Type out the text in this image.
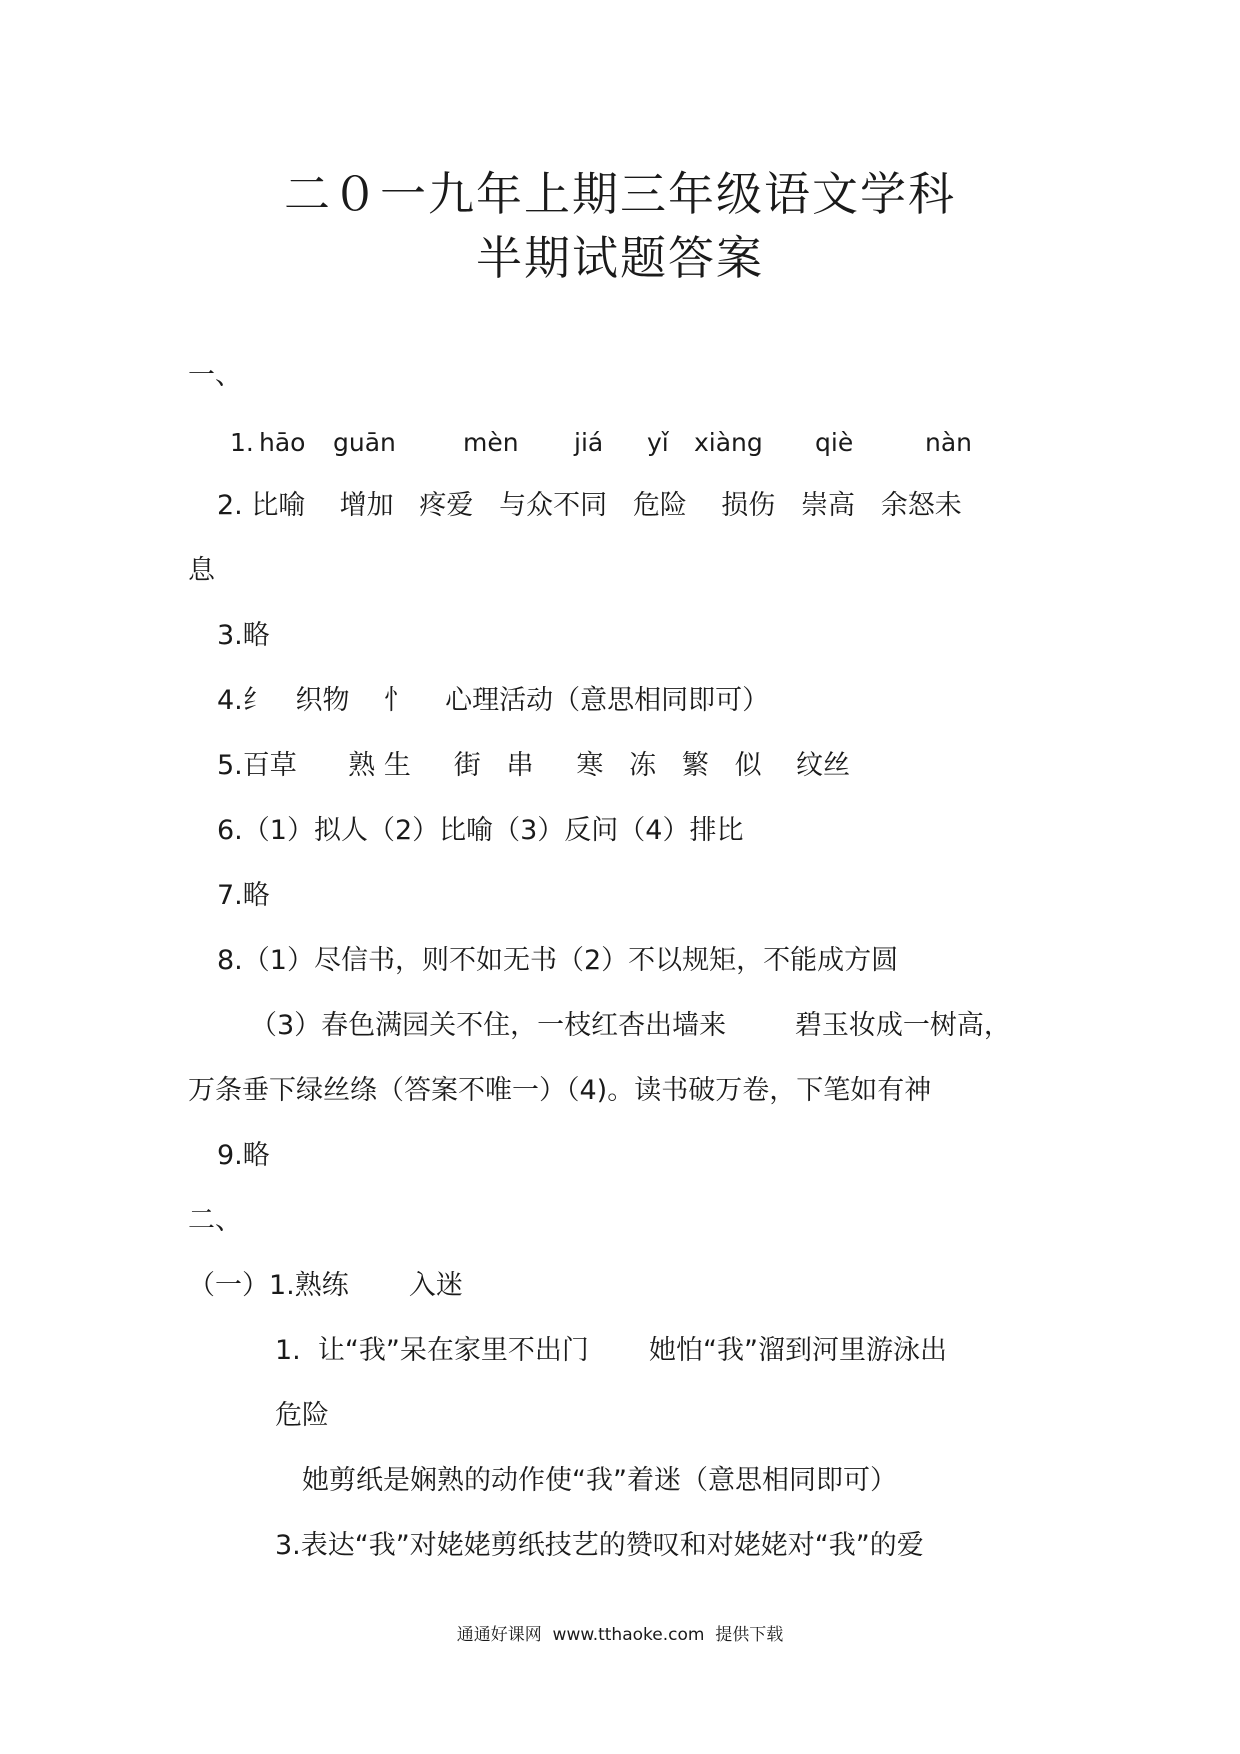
二０一九年上期三年级语文学科
半期试题答案
一、
1. hāo guān	mèn jiá yǐ xiàng qiè	nàn
2. 比喻    增加   疼爱   与众不同   危险    损伤   崇高   余怒未
息
3.略
4.纟   织物    忄    心理活动（意思相同即可）
5.百草      熟 生     街   串     寒   冻   繁   似    纹丝
6.（1）拟人（2）比喻（3）反问（4）排比
7.略
8.（1）尽信书，则不如无书（2）不以规矩，不能成方圆
（3）春色满园关不住，一枝红杏出墙来        碧玉妆成一树高，
万条垂下绿丝绦（答案不唯一）（4)。读书破万卷，下笔如有神
9.略
二、
（一）1.熟练       入迷
1.  让“我”呆在家里不出门       她怕“我”溜到河里游泳出
危险
她剪纸是娴熟的动作使“我”着迷（意思相同即可）
3.表达“我”对姥姥剪纸技艺的赞叹和对姥姥对“我”的爱
通通好课网  www.tthaoke.com  提供下载
